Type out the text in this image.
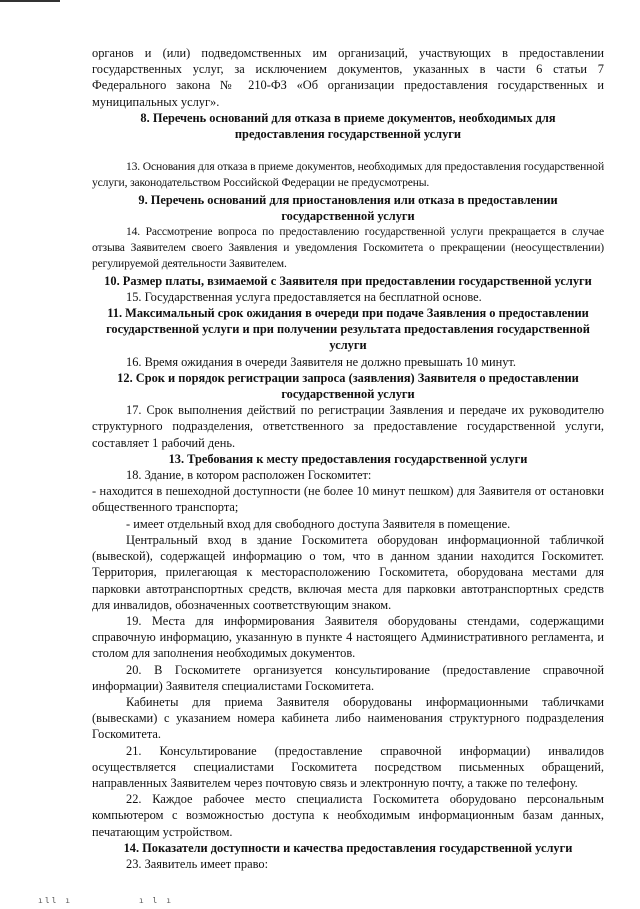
органов и (или) подведомственных им организаций, участвующих в предоставлении государственных услуг, за исключением документов, указанных в части 6 статьи 7 Федерального закона № 210-ФЗ «Об организации предоставления государственных и муниципальных услуг».

8. Перечень оснований для отказа в приеме документов, необходимых для предоставления государственной услуги

13. Основания для отказа в приеме документов, необходимых для предоставления государственной услуги, законодательством Российской Федерации не предусмотрены.

9. Перечень оснований для приостановления или отказа в предоставлении государственной услуги

14. Рассмотрение вопроса по предоставлению государственной услуги прекращается в случае отзыва Заявителем своего Заявления и уведомления Госкомитета о прекращении (неосуществлении) регулируемой деятельности Заявителем.

10. Размер платы, взимаемой с Заявителя при предоставлении государственной услуги

15. Государственная услуга предоставляется на бесплатной основе.

11. Максимальный срок ожидания в очереди при подаче Заявления о предоставлении государственной услуги и при получении результата предоставления государственной услуги

16. Время ожидания в очереди Заявителя не должно превышать 10 минут.

12. Срок и порядок регистрации запроса (заявления) Заявителя о предоставлении государственной услуги

17. Срок выполнения действий по регистрации Заявления и передаче их руководителю структурного подразделения, ответственного за предоставление государственной услуги, составляет 1 рабочий день.

13. Требования к месту предоставления государственной услуги

18. Здание, в котором расположен Госкомитет:

- находится в пешеходной доступности (не более 10 минут пешком) для Заявителя от остановки общественного транспорта;

- имеет отдельный вход для свободного доступа Заявителя в помещение.

Центральный вход в здание Госкомитета оборудован информационной табличкой (вывеской), содержащей информацию о том, что в данном здании находится Госкомитет. Территория, прилегающая к месторасположению Госкомитета, оборудована местами для парковки автотранспортных средств, включая места для парковки автотранспортных средств для инвалидов, обозначенных соответствующим знаком.

19. Места для информирования Заявителя оборудованы стендами, содержащими справочную информацию, указанную в пункте 4 настоящего Административного регламента, и столом для заполнения необходимых документов.

20. В Госкомитете организуется консультирование (предоставление справочной информации) Заявителя специалистами Госкомитета.

Кабинеты для приема Заявителя оборудованы информационными табличками (вывесками) с указанием номера кабинета либо наименования структурного подразделения Госкомитета.

21. Консультирование (предоставление справочной информации) инвалидов осуществляется специалистами Госкомитета посредством письменных обращений, направленных Заявителем через почтовую связь и электронную почту, а также по телефону.

22. Каждое рабочее место специалиста Госкомитета оборудовано персональным компьютером с возможностью доступа к необходимым информационным базам данных, печатающим устройством.

14. Показатели доступности и качества предоставления государственной услуги

23. Заявитель имеет право:

ıll ı	ı l ı
